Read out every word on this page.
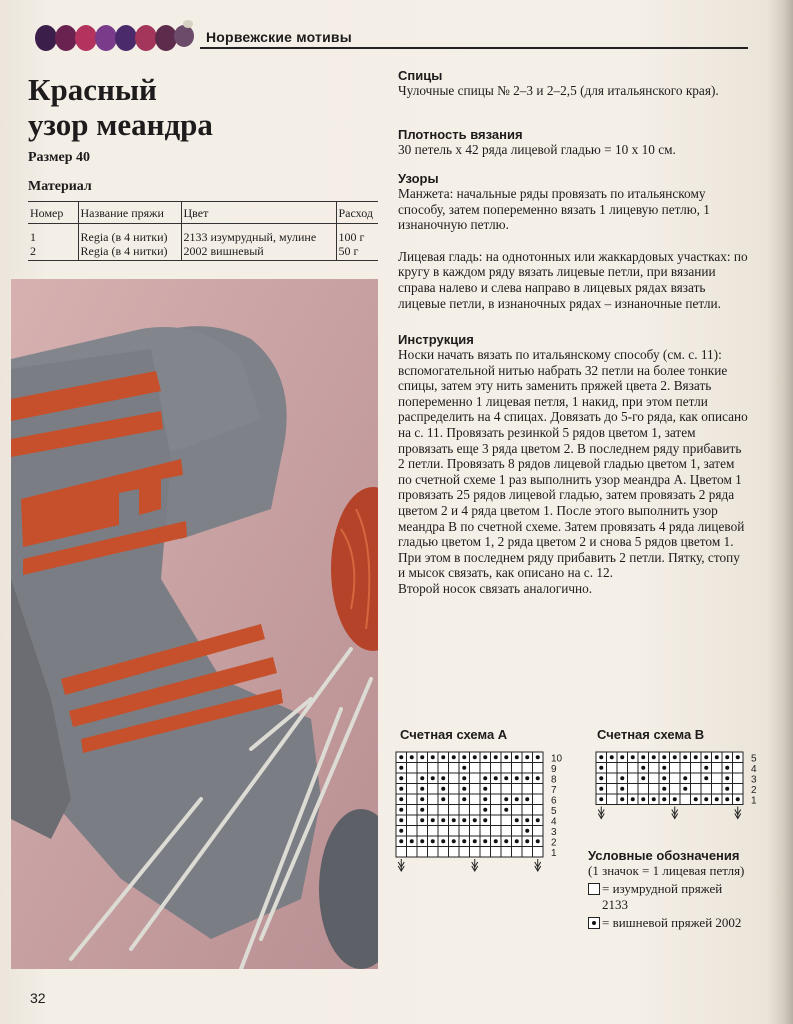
Норвежские мотивы
Красный
узор меандра
Размер 40
Материал
Номер	Название пряжи	Цвет	Расход
1	Regia (в 4 нитки)	2133 изумрудный, мулине	100 г
2	Regia (в 4 нитки)	2002 вишневый	50 г
Спицы

Чулочные спицы № 2–3 и 2–2,5 (для итальянского края).

Плотность вязания

30 петель х 42 ряда лицевой гладью = 10 х 10 см.

Узоры

Манжета: начальные ряды провязать по итальянскому способу, затем попеременно вязать 1 лицевую петлю, 1 изнаночную петлю.

Лицевая гладь: на однотонных или жаккардовых участках: по кругу в каждом ряду вязать лицевые петли, при вязании справа налево и слева направо в лицевых рядах вязать лицевые петли, в изнаночных рядах – изнаночные петли.

Инструкция

Носки начать вязать по итальянскому способу (см. с. 11): вспомогательной нитью набрать 32 петли на более тонкие спицы, затем эту нить заменить пряжей цвета 2. Вязать попеременно 1 лицевая петля, 1 накид, при этом петли распределить на 4 спицах. Довязать до 5-го ряда, как описано на с. 11. Провязать резинкой 5 рядов цветом 1, затем провязать еще 3 ряда цветом 2. В последнем ряду прибавить 2 петли. Провязать 8 рядов лицевой гладью цветом 1, затем по счетной схеме 1 раз выполнить узор меандра А. Цветом 1 провязать 25 рядов лицевой гладью, затем провязать 2 ряда цветом 2 и 4 ряда цветом 1. После этого выполнить узор меандра В по счетной схеме. Затем провязать 4 ряда лицевой гладью цветом 1, 2 ряда цветом 2 и снова 5 рядов цветом 1. При этом в последнем ряду прибавить 2 петли. Пятку, стопу и мысок связать, как описано на с. 12.

Второй носок связать аналогично.

Счетная схема А
10
9
8
7
6
5
4
3
2
1
Счетная схема В
5
4
3
2
1
Условные обозначения
(1 значок = 1 лицевая петля)
= изумрудной пряжей 2133
= вишневой пряжей 2002
32
